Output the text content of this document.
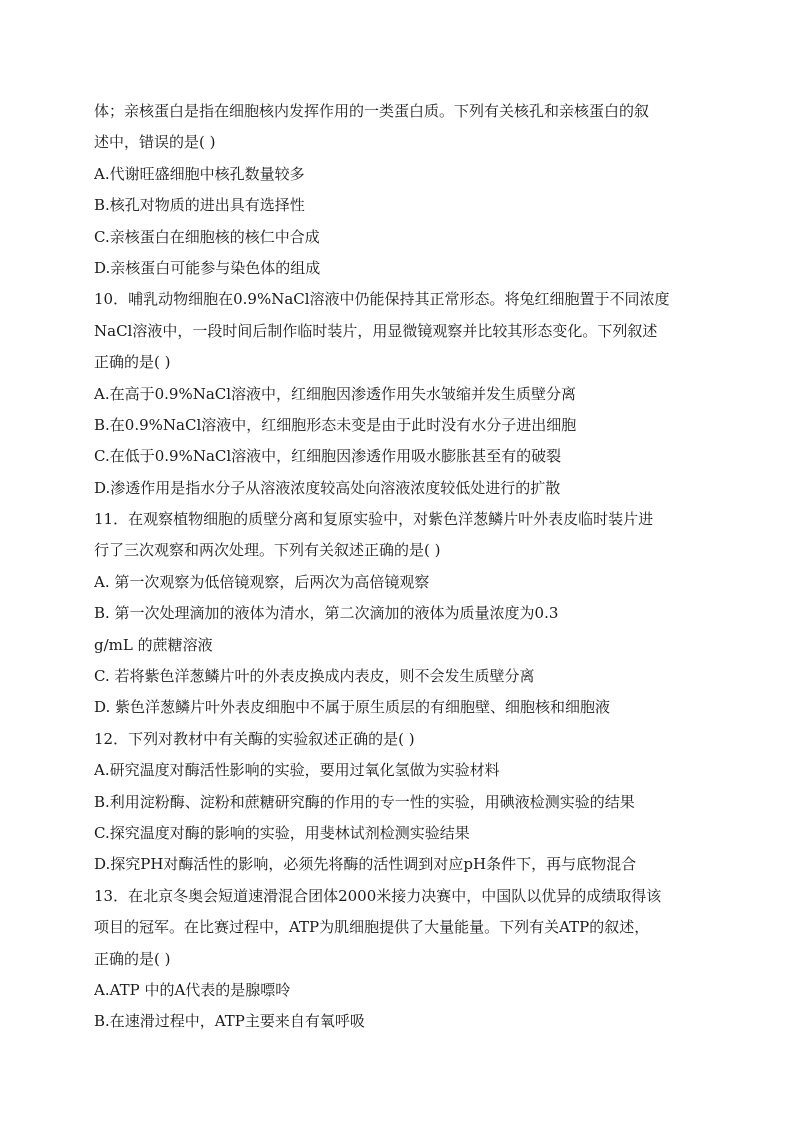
体；亲核蛋白是指在细胞核内发挥作用的一类蛋白质。下列有关核孔和亲核蛋白的叙
述中，错误的是( )
A.代谢旺盛细胞中核孔数量较多
B.核孔对物质的进出具有选择性
C.亲核蛋白在细胞核的核仁中合成
D.亲核蛋白可能参与染色体的组成
10．哺乳动物细胞在0.9%NaCl溶液中仍能保持其正常形态。将兔红细胞置于不同浓度
NaCl溶液中，一段时间后制作临时装片，用显微镜观察并比较其形态变化。下列叙述
正确的是( )
A.在高于0.9%NaCl溶液中，红细胞因渗透作用失水皱缩并发生质壁分离
B.在0.9%NaCl溶液中，红细胞形态未变是由于此时没有水分子进出细胞
C.在低于0.9%NaCl溶液中，红细胞因渗透作用吸水膨胀甚至有的破裂
D.渗透作用是指水分子从溶液浓度较高处向溶液浓度较低处进行的扩散
11．在观察植物细胞的质壁分离和复原实验中，对紫色洋葱鳞片叶外表皮临时装片进
行了三次观察和两次处理。下列有关叙述正确的是( )
A. 第一次观察为低倍镜观察，后两次为高倍镜观察
B. 第一次处理滴加的液体为清水，第二次滴加的液体为质量浓度为0.3
g/mL 的蔗糖溶液
C. 若将紫色洋葱鳞片叶的外表皮换成内表皮，则不会发生质壁分离
D. 紫色洋葱鳞片叶外表皮细胞中不属于原生质层的有细胞壁、细胞核和细胞液
12．下列对教材中有关酶的实验叙述正确的是( )
A.研究温度对酶活性影响的实验，要用过氧化氢做为实验材料
B.利用淀粉酶、淀粉和蔗糖研究酶的作用的专一性的实验，用碘液检测实验的结果
C.探究温度对酶的影响的实验，用斐林试剂检测实验结果
D.探究PH对酶活性的影响，必须先将酶的活性调到对应pH条件下，再与底物混合
13．在北京冬奥会短道速滑混合团体2000米接力决赛中，中国队以优异的成绩取得该
项目的冠军。在比赛过程中，ATP为肌细胞提供了大量能量。下列有关ATP的叙述，
正确的是( )
A.ATP 中的A代表的是腺嘌呤
B.在速滑过程中，ATP主要来自有氧呼吸
